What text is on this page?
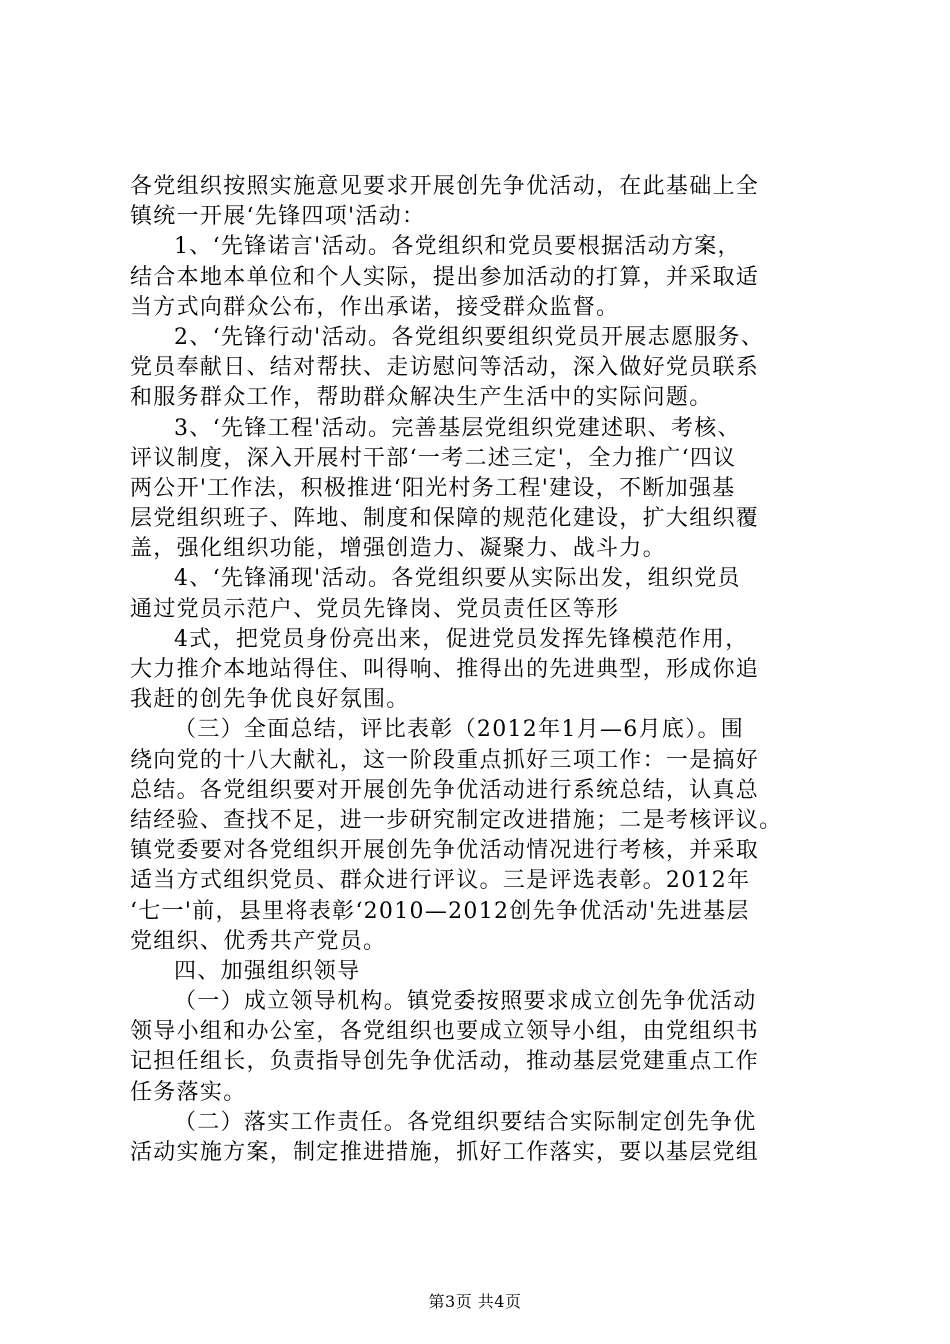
各党组织按照实施意见要求开展创先争优活动，在此基础上全
镇统一开展‘先锋四项'活动：
1、‘先锋诺言'活动。各党组织和党员要根据活动方案，
结合本地本单位和个人实际，提出参加活动的打算，并采取适
当方式向群众公布，作出承诺，接受群众监督。
2、‘先锋行动'活动。各党组织要组织党员开展志愿服务、
党员奉献日、结对帮扶、走访慰问等活动，深入做好党员联系
和服务群众工作，帮助群众解决生产生活中的实际问题。
3、‘先锋工程'活动。完善基层党组织党建述职、考核、
评议制度，深入开展村干部‘一考二述三定'，全力推广‘四议
两公开'工作法，积极推进‘阳光村务工程'建设，不断加强基
层党组织班子、阵地、制度和保障的规范化建设，扩大组织覆
盖，强化组织功能，增强创造力、凝聚力、战斗力。
4、‘先锋涌现'活动。各党组织要从实际出发，组织党员
通过党员示范户、党员先锋岗、党员责任区等形
4式，把党员身份亮出来，促进党员发挥先锋模范作用，
大力推介本地站得住、叫得响、推得出的先进典型，形成你追
我赶的创先争优良好氛围。
（三）全面总结，评比表彰（2012年1月—6月底）。围
绕向党的十八大献礼，这一阶段重点抓好三项工作：一是搞好
总结。各党组织要对开展创先争优活动进行系统总结，认真总
结经验、查找不足，进一步研究制定改进措施；二是考核评议。
镇党委要对各党组织开展创先争优活动情况进行考核，并采取
适当方式组织党员、群众进行评议。三是评选表彰。2012年
‘七一'前，县里将表彰‘2010—2012创先争优活动'先进基层
党组织、优秀共产党员。
四、加强组织领导
（一）成立领导机构。镇党委按照要求成立创先争优活动
领导小组和办公室，各党组织也要成立领导小组，由党组织书
记担任组长，负责指导创先争优活动，推动基层党建重点工作
任务落实。
（二）落实工作责任。各党组织要结合实际制定创先争优
活动实施方案，制定推进措施，抓好工作落实，要以基层党组
第3页 共4页
